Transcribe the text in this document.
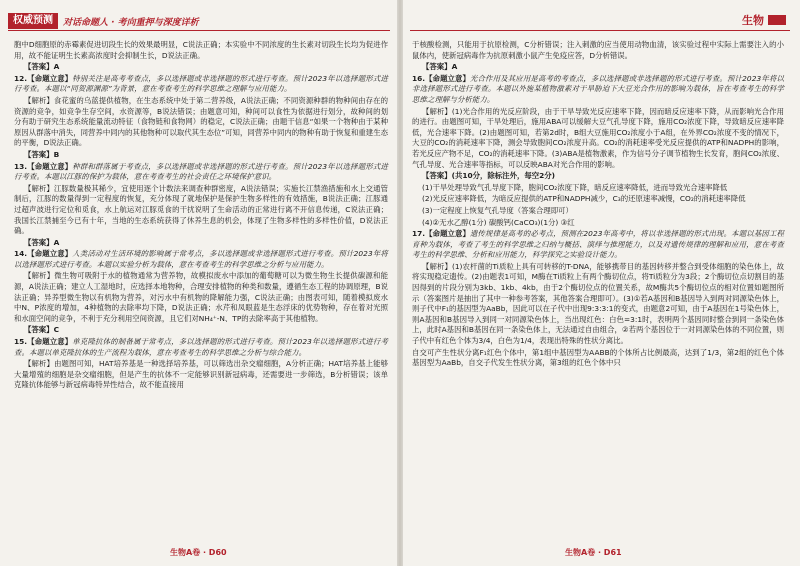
权威预测	对话命题人 · 考向重押与深度详析

胞中D细胞原的赤霉素促进切段生长的效果最明显，C说法正确；本实验中不同浓度的生长素对切段生长均为促进作用，故不能证明生长素高浓度时会抑制生长，D说法正确。

【答案】A

12.【命题立意】特别关注是高考考查点，多以选择题或非选择题的形式进行考查。预计2023年以选择题形式进行考查。本题以“同贺源渊源”为背景，意在考查考生的科学思维之理解与应用能力。

【解析】食花蜜的乌蓝提供植物，在生态系统中处于第二营养级，A说法正确；不同资源种群的物种间由存在的资源的竞争，如竞争生存空间，水资源等，B说法错误；由题意可知，种间可以食性为依据进行划分，故种间的划分有助于研究生态系统能量流动特征（食物链和食物网）的稳定，C说法正确；由题干信息“如果一个物种由于某种原因从群落中消失，同营养中同内的其他物种可以取代其生态位”可知，同营养中同内的物种有助于恢复和重建生态的平衡，D说法正确。

【答案】B

13.【命题立意】种群和群落属于考查点，多以选择题或非选择题的形式进行考查。预计2023年以选择题形式进行考查。本题以江豚的保护为载体，意在考查考生的社会责任之环境保护意识。

【解析】江豚数量极其稀少，宜使用逐个计数法来调查种群密度，A说法错误；实施长江禁渔措施和水上交通管制后，江豚的数量得到一定程度的恢复，充分体现了就地保护是保护生物多样性的有效措施，B说法正确；江豚通过超声波进行定位和觅食，水上航运对江豚觅食的干扰说明了生命活动的正常进行离不开信息传递，C说法正确；我国长江禁捕至今已有十年，当地的生态系统获得了休养生息的机会，体现了生物多样性的多样性价值，D说法正确。

【答案】A

14.【命题立意】人类活动对生活环境的影响属于常考点，多以选择题或非选择题形式进行考查。预计2023年将以选择题形式进行考查。本题以实验分析为载体，意在考查考生的科学思维之分析与应用能力。

【解析】微生物可吸附于水的植物通常为营养物，故模拟废水中添加的葡萄糖可以为微生物生长提供碳源和能源，A说法正确；建立人工湿地时，应选择本地物种，合理安排植物的种类和数量，遵循生态工程的协调原理，B说法正确；异养型微生物以有机物为营养，对污水中有机物的降解能力强，C说法正确；由图表可知，随着模拟废水中N、P浓度的增加，4种植物的去除率均下降，D说法正确；水芹和凤眼蓝是生态浮床的优势物种，存在着对光照和水面空间的竞争，不利于充分利用空间资源，且它们对NH₄⁺-N、TP的去除率高于其他植物。

【答案】C

15.【命题立意】单克隆抗体的制备属于常考点，多以选择题的形式进行考查。预计2023年以选择题形式进行考查。本题以单克隆抗体的生产流程为载体，意在考查考生的科学思维之分析与综合能力。

【解析】由题图可知，HAT培养基是一种选择培养基，可以筛选出杂交瘤细胞，A分析正确；HAT培养基上能够大量增殖的细胞是杂交瘤细胞，但是产生的抗体不一定能够识别新冠病毒，还需要进一步筛选，B分析错误；该单克隆抗体能够与新冠病毒特异性结合，故不能直接用

生物A卷 · D60
生物

于核酸检测，只能用于抗原检测，C分析错误；注入刺激的应当使用动物血清，该实验过程中实际上需要注入的小鼠体内，使新冠病毒作为抗原刺激小鼠产生免疫应答，D分析错误。

【答案】A

16.【命题立意】光合作用及其应用是高考的考查点，多以选择题或非选择题的形式进行考查。预计2023年将以非选择题形式进行考查。本题以外施某植物激素对干旱胁迫下大豆光合作用的影响为载体，旨在考查考生的科学思维之理解与分析能力。

【解析】(1)光合作用的光反应阶段，由于干旱导致光反应速率下降，因而暗反应速率下降，从而影响光合作用的进行。由题图可知，干旱处理后，施用ABA可以缓解大豆气孔导度下降，施用CO₂浓度下降，导致暗反应速率降低，光合速率下降。(2)由题图可知，若第2d时，B组大豆施用CO₂浓度小于A组，在外界CO₂浓度不变的情况下，大豆的CO₂的消耗速率下降，测会导致胞间CO₂浓度升高。CO₂的消耗速率受光反应提供的ATP和NADPH的影响，若光反应产物不足，CO₂的消耗速率下降。(3)ABA是植物激素，作为信号分子调节植物生长发育，胞间CO₂浓度、气孔导度、光合速率等指标，可以反映ABA对光合作用的影响。

【答案】(共10分，除标注外，每空2分)

(1)干旱处理导致气孔导度下降，胞间CO₂浓度下降，暗反应速率降低，进而导致光合速率降低

(2)光反应速率降低，为暗反应提供的ATP和NADPH减少，C₃的还原速率减慢，CO₂的消耗速率降低

(3)一定程度上恢复气孔导度（答案合理即可）

(4)②无水乙醇(1分) 碳酸钙(CaCO₃)(1分) ③红

17.【命题立意】遗传规律是高考的必考点，预测在2023年高考中，将以非选择题的形式出现。本题以基因工程育种为载体，考查了考生的科学思维之归纳与概括、演绎与推理能力，以及对遗传规律的理解和应用，意在考查考生的科学思维、分析和应用能力，科学探究之实验设计能力。

【解析】(1)农杆菌的Ti质粒上具有可转移的T-DNA，能够携带目的基因转移并整合到受体细胞的染色体上，故将实现稳定遗传。(2)由题表1可知，M酶在Ti质粒上有两个酶切位点，将Ti质粒分为3段；2个酶切位点切割目的基因得到的片段分别为3kb、1kb、4kb，由于2个酶切位点的位置关系，故M酶共5个酶切位点的相对位置如题图所示（答案图片是抽出了其中一种参考答案，其他答案合理即可）。(3)①若A基因和B基因导入到两对同源染色体上，则子代中F₁的基因型为AaBb，因此可以在子代中出现9:3:3:1的变式，由题意2可知，由于A基因在1号染色体上，则A基因和B基因导入到同一对同源染色体上，当出现红色：白色=3:1时，表明两个基因同时整合到同一条染色体上，此时A基因和B基因在同一条染色体上，无法通过自由组合，②若两个基因位于一对同源染色体的不同位置，则子代中有红色个体为3/4，白色为1/4，表现出特殊的性状分离比。

自交可产生性状分离F₁红色个体中，第1组中基因型为AABB的个体所占比例最高，达到了1/3，第2组的红色个体基因型为AaBb，自交子代发生性状分离，第3组的红色个体中只

生物A卷 · D61
